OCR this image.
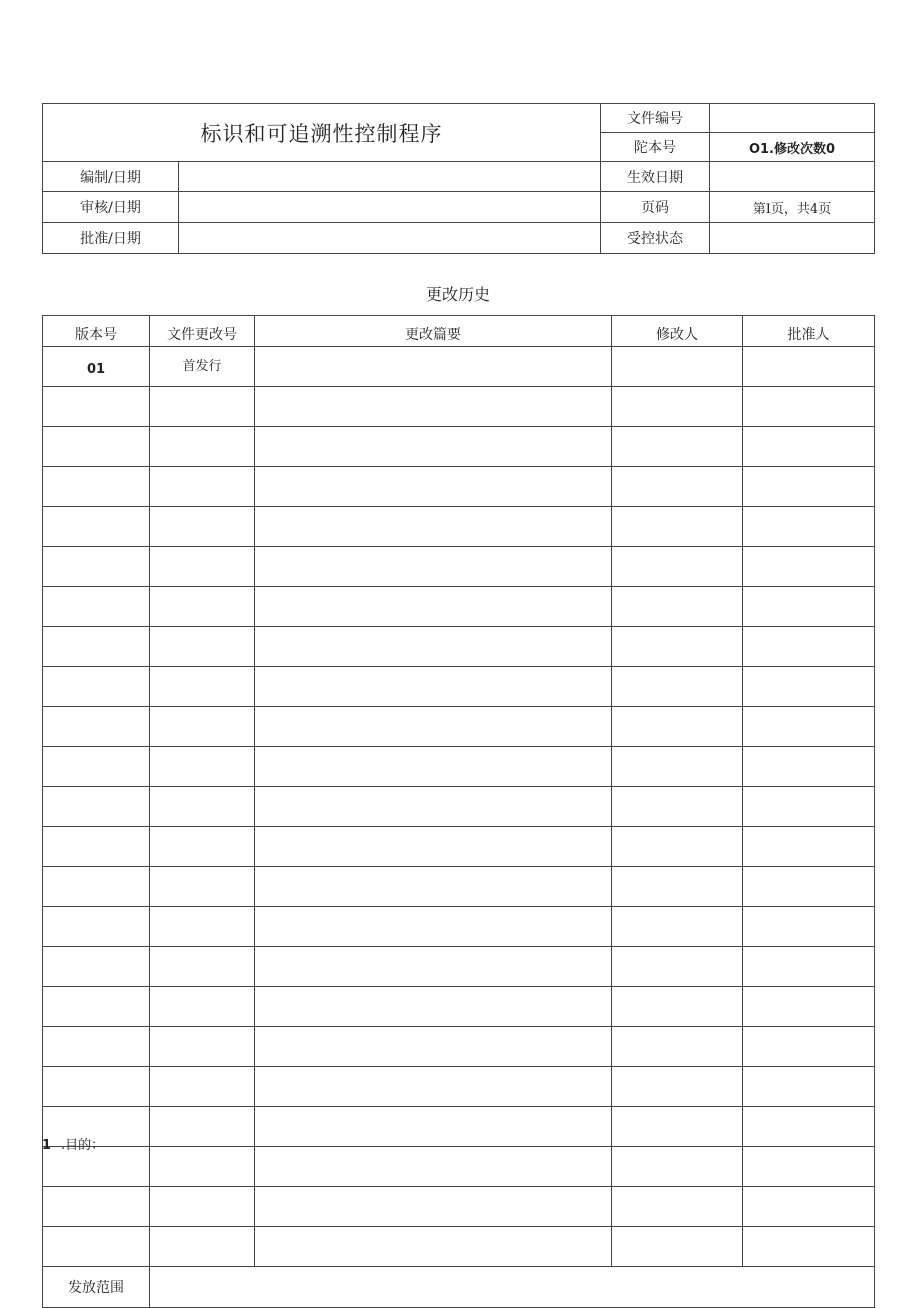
标识和可追溯性控制程序		文件编号	
		陀本号	O1.修改次数0
编制/日期		生效日期	
审核/日期		页码	第I页，共4页
批准/日期		受控状态	
更改历史
版本号	文件更改号	更改篇要	修改人	批准人
01	首发行			

发放范围				
1 .目的：
